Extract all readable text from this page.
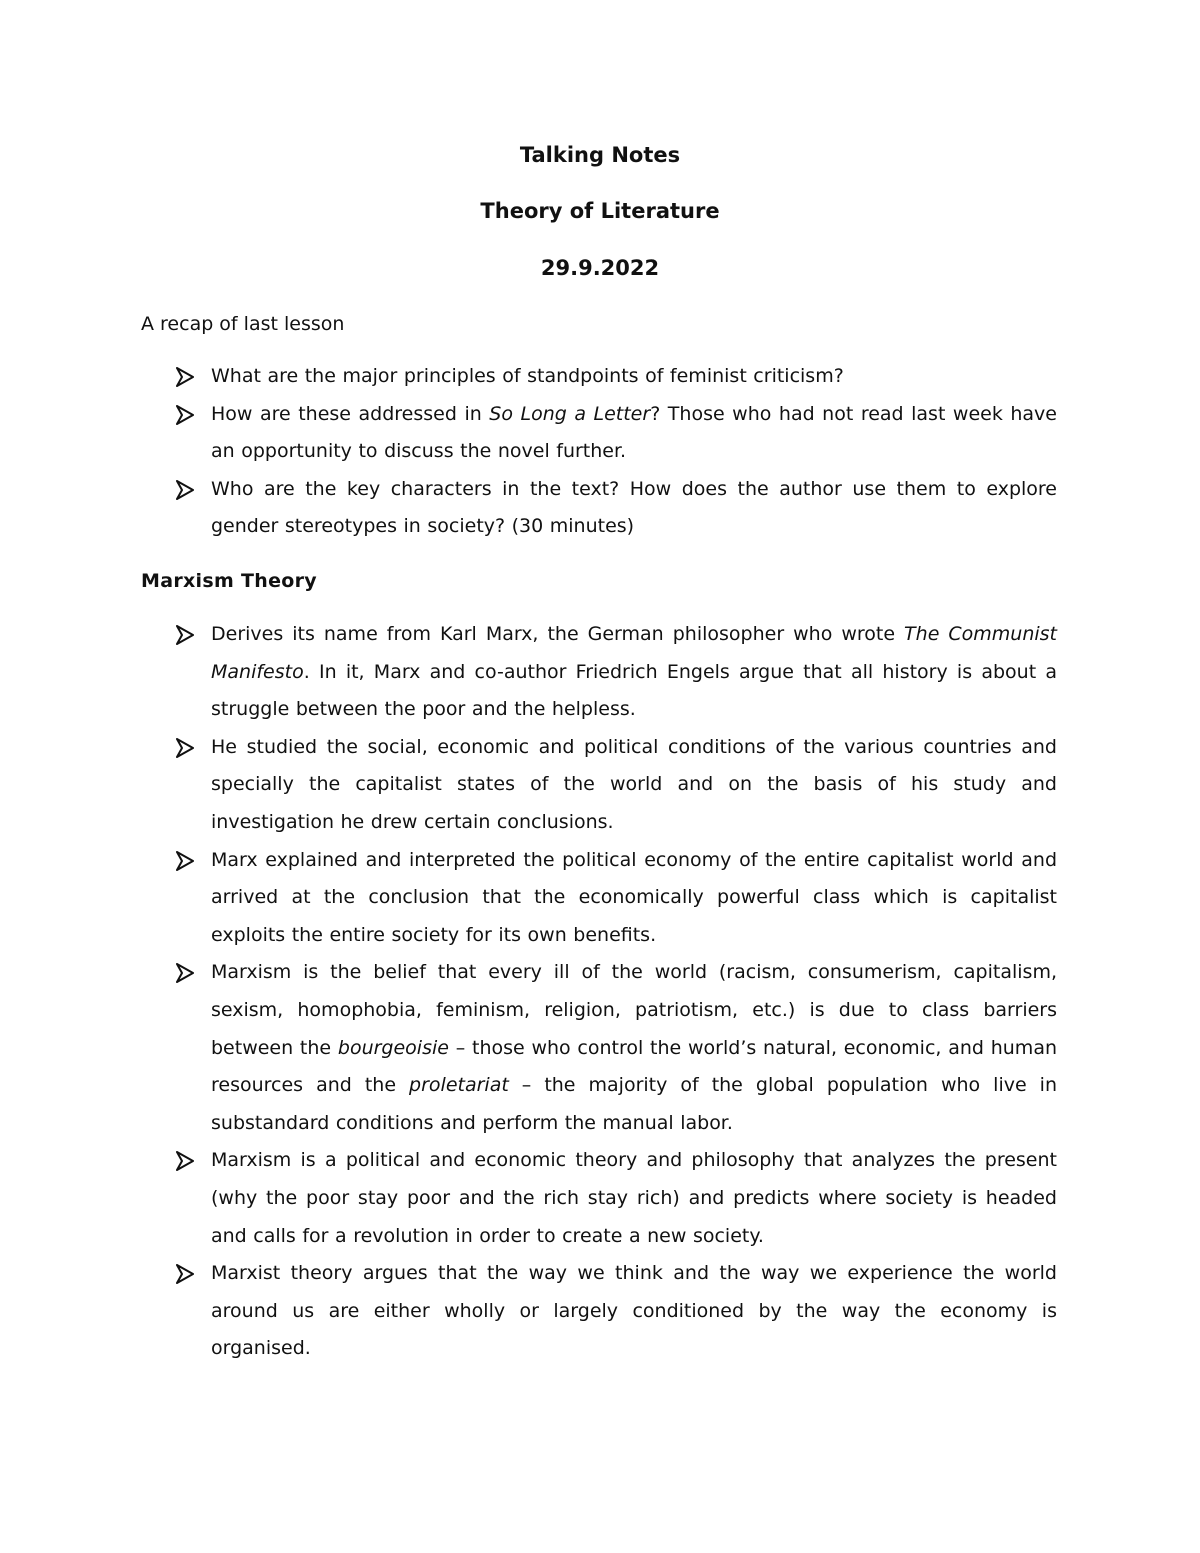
Talking Notes
Theory of Literature
29.9.2022

A recap of last lesson

What are the major principles of standpoints of feminist criticism?
How are these addressed in So Long a Letter? Those who had not read last week have an opportunity to discuss the novel further.
Who are the key characters in the text? How does the author use them to explore gender stereotypes in society? (30 minutes)
Marxism Theory
Derives its name from Karl Marx, the German philosopher who wrote The Communist Manifesto. In it, Marx and co-author Friedrich Engels argue that all history is about a struggle between the poor and the helpless.
He studied the social, economic and political conditions of the various countries and specially the capitalist states of the world and on the basis of his study and investigation he drew certain conclusions.
Marx explained and interpreted the political economy of the entire capitalist world and arrived at the conclusion that the economically powerful class which is capitalist exploits the entire society for its own benefits.
Marxism is the belief that every ill of the world (racism, consumerism, capitalism, sexism, homophobia, feminism, religion, patriotism, etc.) is due to class barriers between the bourgeoisie – those who control the world’s natural, economic, and human resources and the proletariat – the majority of the global population who live in substandard conditions and perform the manual labor.
Marxism is a political and economic theory and philosophy that analyzes the present (why the poor stay poor and the rich stay rich) and predicts where society is headed and calls for a revolution in order to create a new society.
Marxist theory argues that the way we think and the way we experience the world around us are either wholly or largely conditioned by the way the economy is organised.
